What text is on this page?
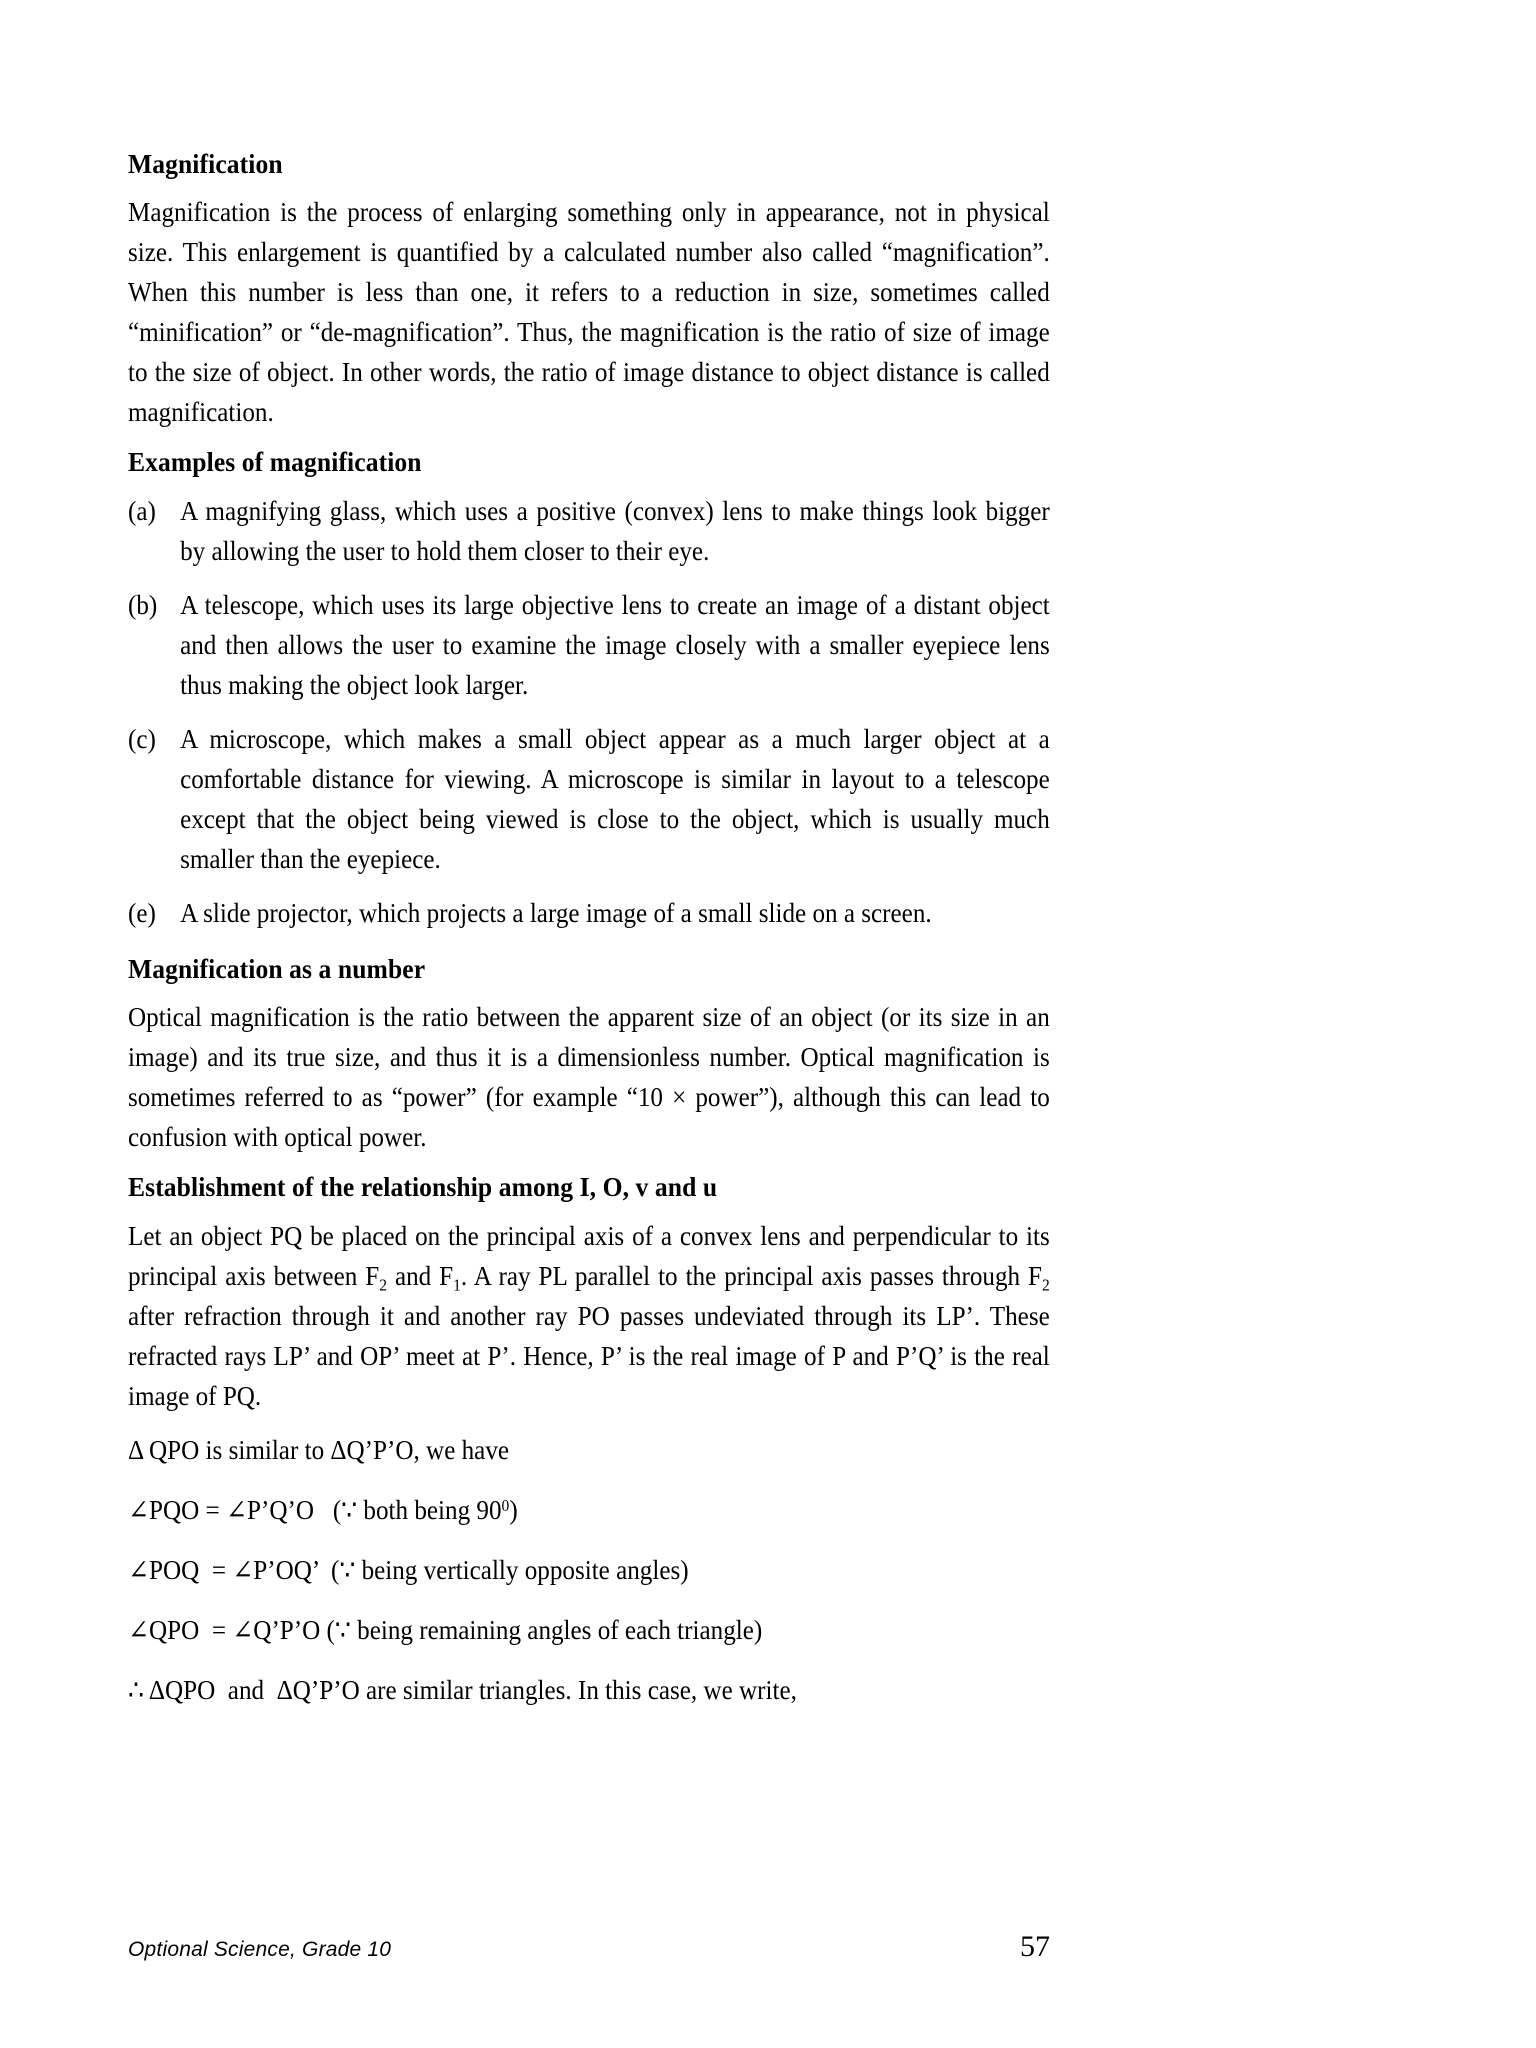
Magnification

Magnification is the process of enlarging something only in appearance, not in physical size. This enlargement is quantified by a calculated number also called “magnification”. When this number is less than one, it refers to a reduction in size, sometimes called “minification” or “de-magnification”. Thus, the magnification is the ratio of size of image to the size of object. In other words, the ratio of image distance to object distance is called magnification.

Examples of magnification
(a) A magnifying glass, which uses a positive (convex) lens to make things look bigger by allowing the user to hold them closer to their eye.
(b) A telescope, which uses its large objective lens to create an image of a distant object and then allows the user to examine the image closely with a smaller eyepiece lens thus making the object look larger.
(c) A microscope, which makes a small object appear as a much larger object at a comfortable distance for viewing. A microscope is similar in layout to a telescope except that the object being viewed is close to the object, which is usually much smaller than the eyepiece.
(e) A slide projector, which projects a large image of a small slide on a screen.
Magnification as a number

Optical magnification is the ratio between the apparent size of an object (or its size in an image) and its true size, and thus it is a dimensionless number. Optical magnification is sometimes referred to as “power” (for example “10 × power”), although this can lead to confusion with optical power.

Establishment of the relationship among I, O, v and u

Let an object PQ be placed on the principal axis of a convex lens and perpendicular to its principal axis between $F_2$ and $F_1$. A ray PL parallel to the principal axis passes through $F_2$ after refraction through it and another ray PO passes undeviated through its LP’. These refracted rays LP’ and OP’ meet at P’. Hence, P’ is the real image of P and P’Q’ is the real image of PQ.

Δ QPO is similar to ΔQ’P’O, we have
∠PQO = ∠P’Q’O   (∵ both being $90^0$)
∠POQ  = ∠P’OQ’  (∵ being vertically opposite angles)
∠QPO  = ∠Q’P’O (∵ being remaining angles of each triangle)
∴ ΔQPO  and  ΔQ’P’O are similar triangles. In this case, we write,
Optional Science, Grade 10	57
